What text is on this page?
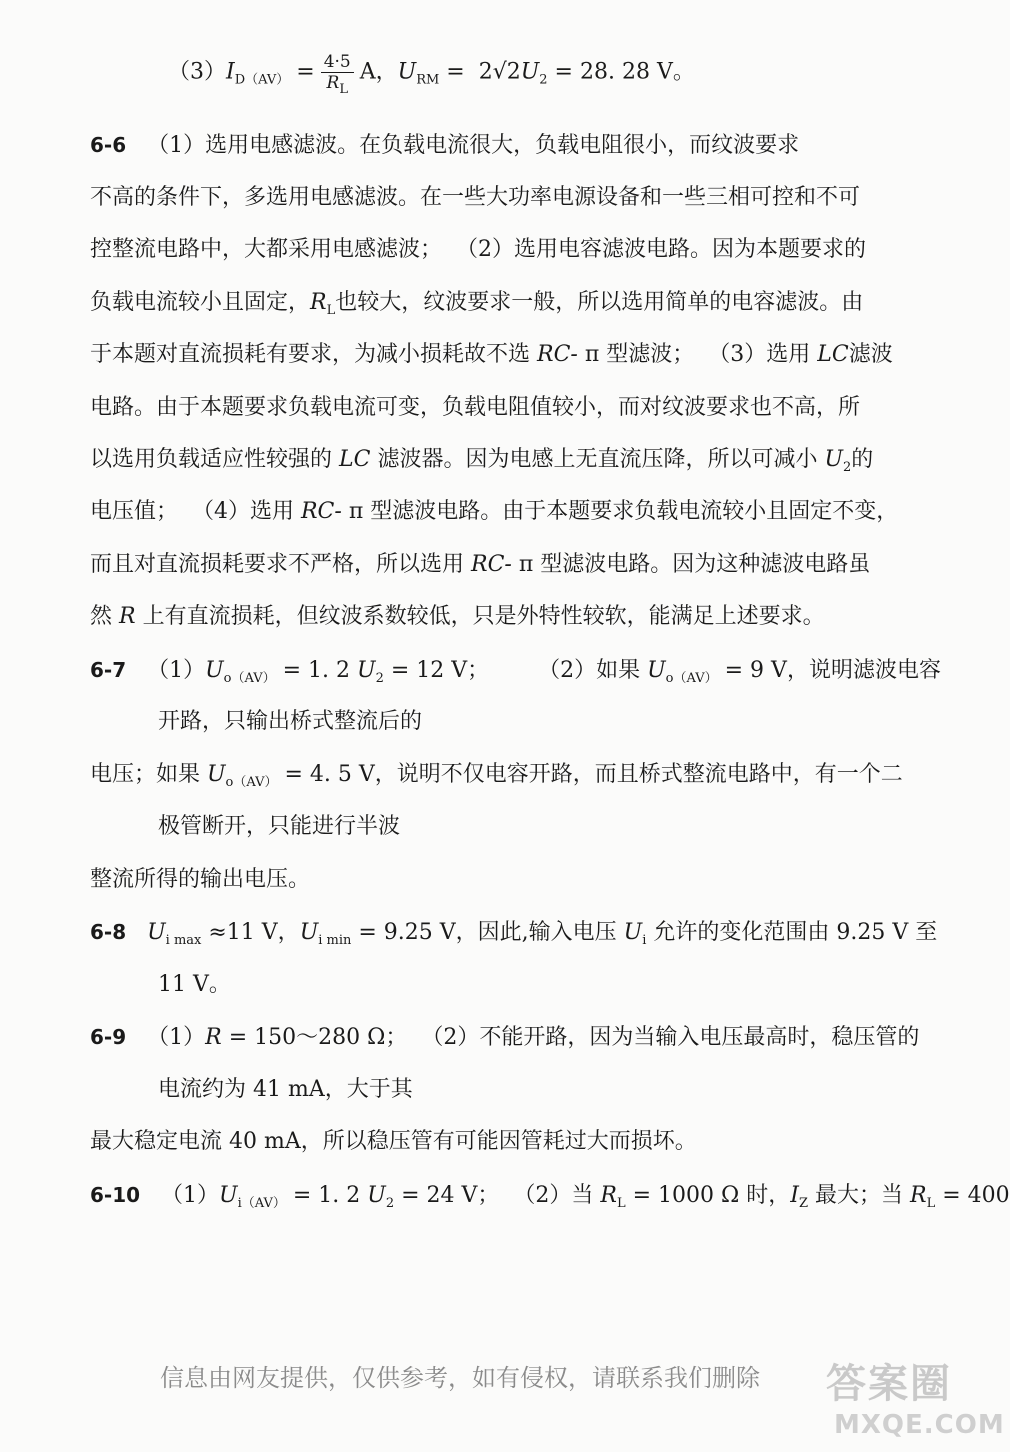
$(3)I_{D(AV)} = \frac{4\cdot 5}{R_L}$ A，$U_{RM} = 2√2U_2 = 28$. 28 V。
6-6   （1）选用电感滤波。在负载电流很大，负载电阻很小，而纹波要求
不高的条件下，多选用电感滤波。在一些大功率电源设备和一些三相可控和不可
控整流电路中，大都采用电感滤波；  （2）选用电容滤波电路。因为本题要求的
负载电流较小且固定，$R_L$也较大，纹波要求一般，所以选用简单的电容滤波。由
于本题对直流损耗有要求，为减小损耗故不选 RC- π 型滤波；  （3）选用 LC滤波
电路。由于本题要求负载电流可变，负载电阻值较小，而对纹波要求也不高，所
以选用负载适应性较强的 LC 滤波器。因为电感上无直流压降，所以可减小 $U_2$的
电压值；  （4）选用 RC- π 型滤波电路。由于本题要求负载电流较小且固定不变，
而且对直流损耗要求不严格，所以选用 RC- π 型滤波电路。因为这种滤波电路虽
然 R 上有直流损耗，但纹波系数较低，只是外特性较软，能满足上述要求。
6-7   $(1)U_{o(AV)} = 1$. 2 $U_2 = 12$ V；       （2）如果 $U_{o(AV)} = 9$ V，说明滤波电容
开路，只输出桥式整流后的
电压；如果 $U_{o(AV)} = 4$. 5 V，说明不仅电容开路，而且桥式整流电路中，有一个二
极管断开，只能进行半波
整流所得的输出电压。
6-8 $U_{i max} \approx 11$ V，$U_{i min} = 9.25$ V，因此,输入电压 $U_i$ 允许的变化范围由 9.25 V 至
11 V。
6-9   （1）R = 150～280 Ω；  （2）不能开路，因为当输入电压最高时，稳压管的
电流约为 41 mA，大于其
最大稳定电流 40 mA，所以稳压管有可能因管耗过大而损坏。
6-10   $(1)U_{i(AV)} = 1$. 2 $U_2 = 24$ V；  （2）当 $R_L = 1000$ Ω 时，$I_Z$ 最大；当 $R_L = 400$
信息由网友提供，仅供参考，如有侵权，请联系我们删除 答案圈
MXQE.COM
